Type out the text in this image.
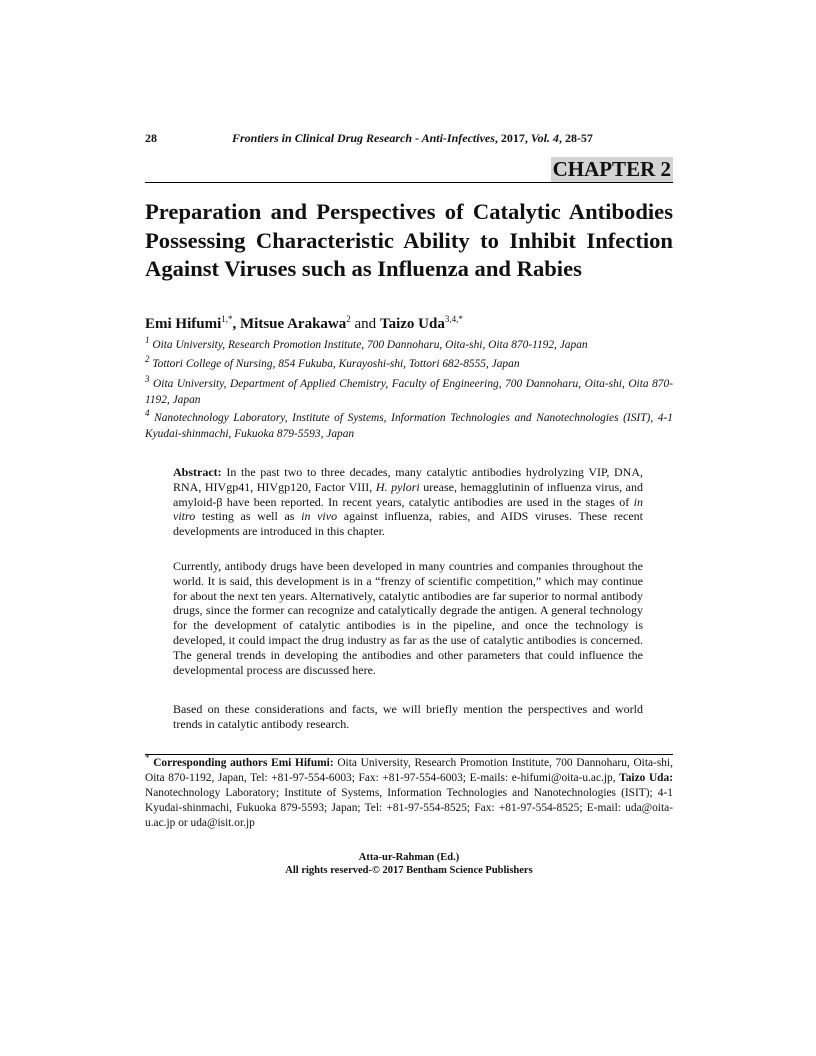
28	Frontiers in Clinical Drug Research - Anti-Infectives, 2017, Vol. 4, 28-57
CHAPTER 2
Preparation and Perspectives of Catalytic Antibodies Possessing Characteristic Ability to Inhibit Infection Against Viruses such as Influenza and Rabies
Emi Hifumi$^{1,*}$, Mitsue Arakawa$^2$ and Taizo Uda$^{3,4,*}$
$^1$ Oita University, Research Promotion Institute, 700 Dannoharu, Oita-shi, Oita 870-1192, Japan
$^2$ Tottori College of Nursing, 854 Fukuba, Kurayoshi-shi, Tottori 682-8555, Japan
$^3$ Oita University, Department of Applied Chemistry, Faculty of Engineering, 700 Dannoharu, Oita-shi, Oita 870-1192, Japan
$^4$ Nanotechnology Laboratory, Institute of Systems, Information Technologies and Nanotechnologies (ISIT), 4-1 Kyudai-shinmachi, Fukuoka 879-5593, Japan
Abstract: In the past two to three decades, many catalytic antibodies hydrolyzing VIP, DNA, RNA, HIVgp41, HIVgp120, Factor VIII, H. pylori urease, hemagglutinin of influenza virus, and amyloid-β have been reported. In recent years, catalytic antibodies are used in the stages of in vitro testing as well as in vivo against influenza, rabies, and AIDS viruses. These recent developments are introduced in this chapter.
Currently, antibody drugs have been developed in many countries and companies throughout the world. It is said, this development is in a “frenzy of scientific competition,” which may continue for about the next ten years. Alternatively, catalytic antibodies are far superior to normal antibody drugs, since the former can recognize and catalytically degrade the antigen. A general technology for the development of catalytic antibodies is in the pipeline, and once the technology is developed, it could impact the drug industry as far as the use of catalytic antibodies is concerned. The general trends in developing the antibodies and other parameters that could influence the developmental process are discussed here.
Based on these considerations and facts, we will briefly mention the perspectives and world trends in catalytic antibody research.
* Corresponding authors Emi Hifumi: Oita University, Research Promotion Institute, 700 Dannoharu, Oita-shi, Oita 870-1192, Japan, Tel: +81-97-554-6003; Fax: +81-97-554-6003; E-mails: e-hifumi@oita-u.ac.jp, Taizo Uda: Nanotechnology Laboratory; Institute of Systems, Information Technologies and Nanotechnologies (ISIT); 4-1 Kyudai-shinmachi, Fukuoka 879-5593; Japan; Tel: +81-97-554-8525; Fax: +81-97-554-8525; E-mail: uda@oita-u.ac.jp or uda@isit.or.jp
Atta-ur-Rahman (Ed.)
All rights reserved-© 2017 Bentham Science Publishers
